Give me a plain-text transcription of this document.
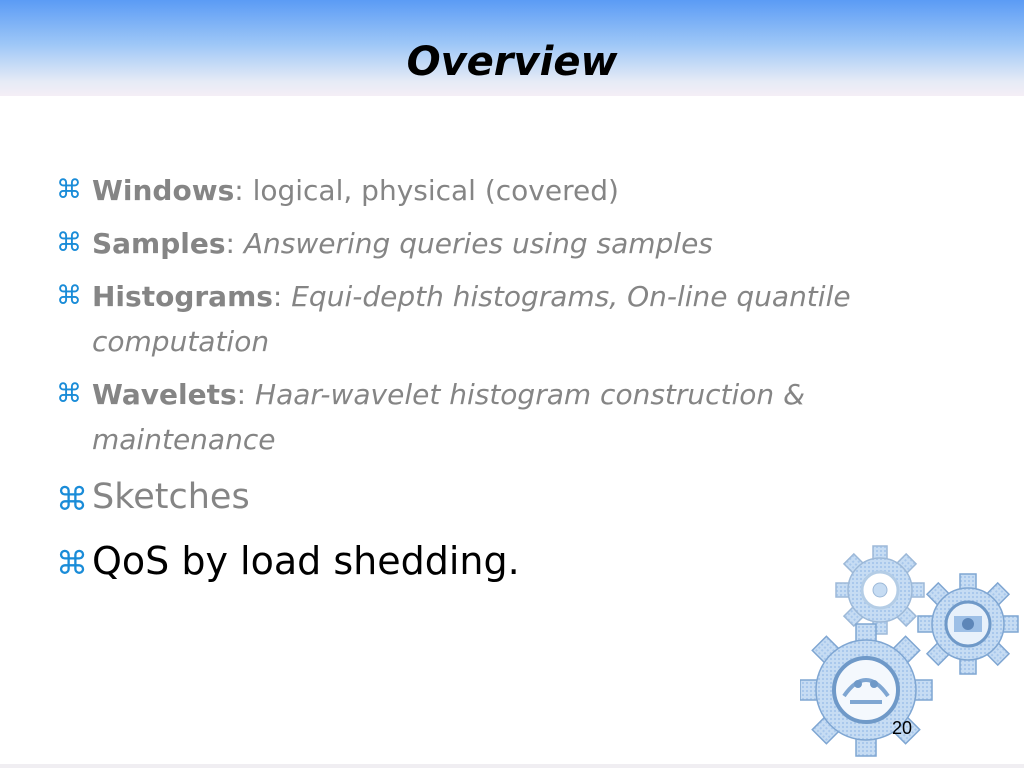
Overview
⌘ Windows: logical, physical (covered)
⌘ Samples: Answering queries using samples
⌘ Histograms: Equi-depth histograms, On-line quantile computation
⌘ Wavelets: Haar-wavelet histogram construction & maintenance
⌘ Sketches
⌘ QoS by load shedding.
20
